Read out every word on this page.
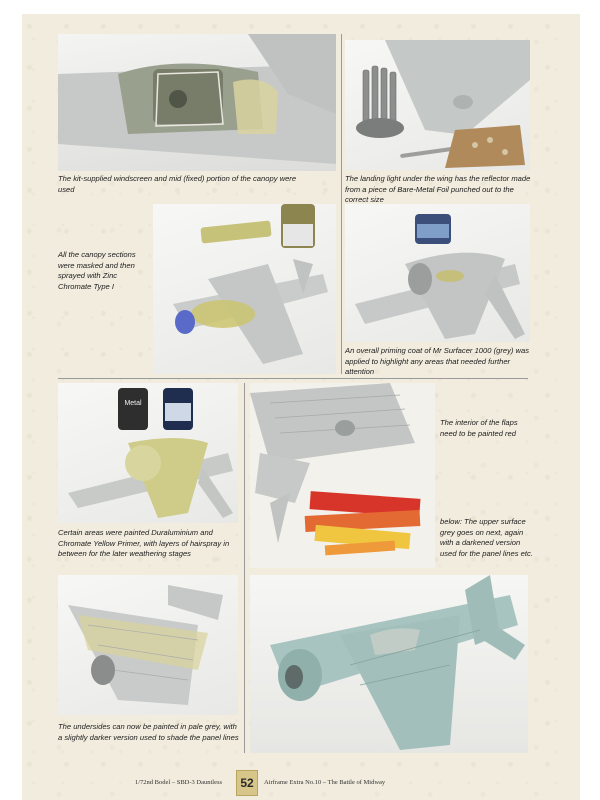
The kit-supplied windscreen and mid (fixed) portion of the canopy were used

The landing light under the wing has the reflector made from a piece of Bare-Metal Foil punched out to the correct size

All the canopy sections were masked and then sprayed with Zinc Chromate Type I

An overall priming coat of Mr Surfacer 1000 (grey) was applied to highlight any areas that needed further attention

Metal

Certain areas were painted Duraluminium and Chromate Yellow Primer, with layers of hairspray in between for the later weathering stages

The interior of the flaps need to be painted red

below: The upper surface grey goes on next, again with a darkened version used for the panel lines etc.

The undersides can now be painted in pale grey, with a slightly darker version used to shade the panel lines

1/72nd Bodel – SBD-3 Dauntless	52	Airframe Extra No.10 – The Battle of Midway
